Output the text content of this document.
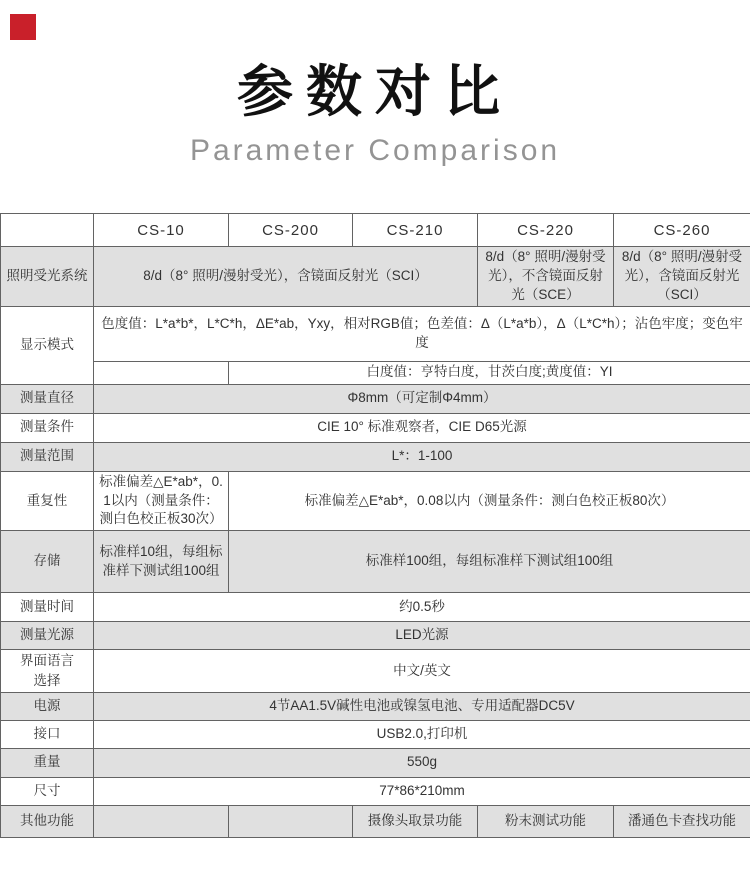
参数对比
Parameter Comparison
	CS-10	CS-200	CS-210	CS-220	CS-260
照明受光系统	8/d（8° 照明/漫射受光），含镜面反射光（SCI）			8/d（8° 照明/漫射受光），不含镜面反射光（SCE）	8/d（8° 照明/漫射受光），含镜面反射光（SCI）
显示模式	色度值：L*a*b*，L*C*h，ΔE*ab，Yxy，相对RGB值；色差值：Δ（L*a*b），Δ（L*C*h）；沾色牢度；变色牢度				
		白度值：亨特白度，甘茨白度;黄度值：YI			
测量直径	Φ8mm（可定制Φ4mm）				
测量条件	CIE 10° 标准观察者，CIE D65光源				
测量范围	L*：1-100				
重复性	标准偏差△E*ab*，0.1以内（测量条件：测白色校正板30次）	标准偏差△E*ab*，0.08以内（测量条件：测白色校正板80次）			
存储	标准样10组，每组标准样下测试组100组	标准样100组，每组标准样下测试组100组			
测量时间	约0.5秒				
测量光源	LED光源				
界面语言选择	中文/英文				
电源	4节AA1.5V碱性电池或镍氢电池、专用适配器DC5V				
接口	USB2.0,打印机				
重量	550g				
尺寸	77*86*210mm				
其他功能			摄像头取景功能	粉末测试功能	潘通色卡查找功能
